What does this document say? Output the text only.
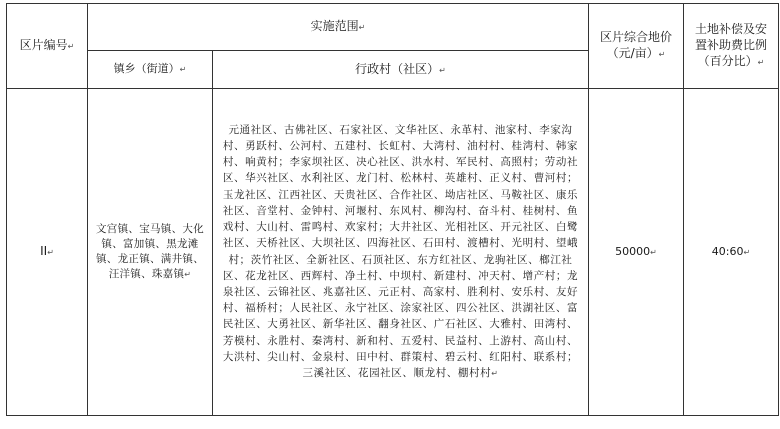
区片编号↵	实施范围↵		区片综合地价（元/亩）↵	土地补偿及安置补助费比例（百分比）↵
	镇乡（街道）↵	行政村（社区）↵		
II↵	文宫镇、宝马镇、大化镇、富加镇、黑龙滩镇、龙正镇、满井镇、汪洋镇、珠嘉镇↵	元通社区、古佛社区、石家社区、文华社区、永革村、池家村、李家沟村、勇跃村、公河村、五建村、长虹村、大湾村、油村村、桂湾村、韩家村、响黄村；李家坝社区、决心社区、洪水村、军民村、高照村；劳动社区、华兴社区、水利社区、龙门村、松林村、英雄村、正义村、曹河村；玉龙社区、江西社区、天贵社区、合作社区、坳店社区、马鞍社区、康乐社区、音堂村、金钟村、河堰村、东风村、柳沟村、奋斗村、桂树村、鱼戏村、大山村、雷鸣村、欢家村；大井社区、光相社区、开元社区、白鹭社区、天桥社区、大坝社区、四海社区、石田村、渡槽村、光明村、望峨村；茨竹社区、全新社区、石顶社区、东方红社区、龙驹社区、榔江社区、花龙社区、西辉村、净土村、中坝村、新建村、冲天村、增产村；龙泉社区、云锦社区、兆嘉社区、元正村、高家村、胜利村、安乐村、友好村、福桥村；人民社区、永宁社区、涂家社区、四公社区、洪湖社区、富民社区、大勇社区、新华社区、翻身社区、广石社区、大雅村、田湾村、芳模村、永胜村、秦湾村、新和村、五爱村、民益村、上游村、高山村、大洪村、尖山村、金泉村、田中村、群策村、碧云村、红阳村、联系村；三溪社区、花园社区、顺龙村、棚村村↵	50000↵	40:60↵
